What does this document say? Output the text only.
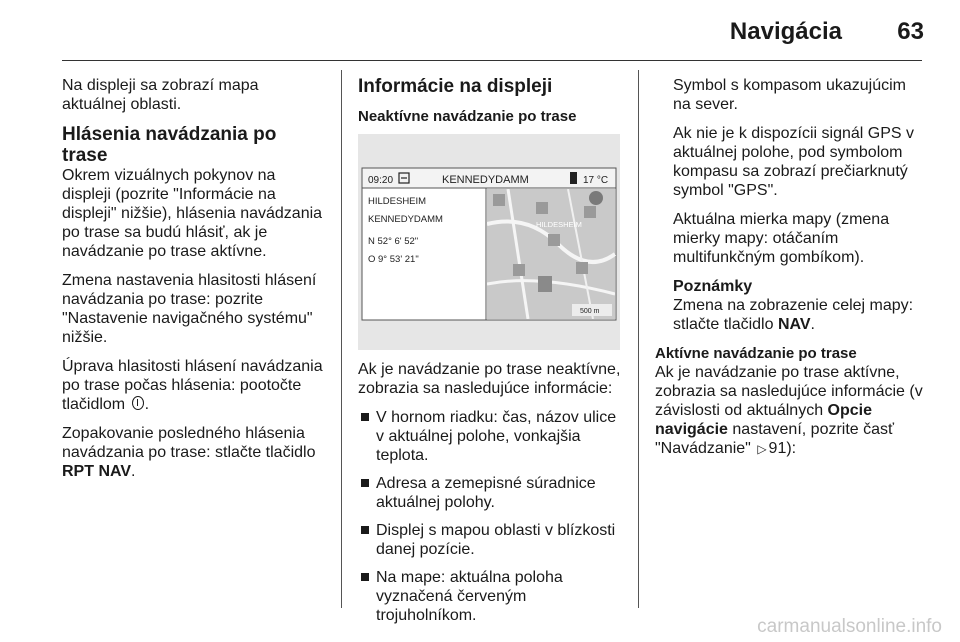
Navigácia 63

Na displeji sa zobrazí mapa aktuálnej oblasti.

Hlásenia navádzania po trase

Okrem vizuálnych pokynov na displeji (pozrite "Informácie na displeji" nižšie), hlásenia navádzania po trase sa budú hlásiť, ak je navádzanie po trase aktívne.

Zmena nastavenia hlasitosti hlásení navádzania po trase: pozrite "Nastavenie navigačného systému" nižšie.

Úprava hlasitosti hlásení navádzania po trase počas hlásenia: pootočte tlačidlom .

Zopakovanie posledného hlásenia navádzania po trase: stlačte tlačidlo RPT NAV.

Informácie na displeji
Neaktívne navádzanie po trase
09:20	KENNEDYDAMM	17 °C
HILDESHEIM
KENNEDYDAMM
N 52° 6' 52"
O 9° 53' 21"
HILDESHEIM
500 m

Ak je navádzanie po trase neaktívne, zobrazia sa nasledujúce informácie:

V hornom riadku: čas, názov ulice v aktuálnej polohe, vonkajšia teplota.
Adresa a zemepisné súradnice aktuálnej polohy.
Displej s mapou oblasti v blízkosti danej pozície.
Na mape: aktuálna poloha vyznačená červeným trojuholníkom.

Symbol s kompasom ukazujúcim na sever.

Ak nie je k dispozícii signál GPS v aktuálnej polohe, pod symbolom kompasu sa zobrazí prečiarknutý symbol "GPS".

Aktuálna mierka mapy (zmena mierky mapy: otáčaním multifunkčným gombíkom).

Poznámky
Zmena na zobrazenie celej mapy: stlačte tlačidlo NAV.
Aktívne navádzanie po trase

Ak je navádzanie po trase aktívne, zobrazia sa nasledujúce informácie (v závislosti od aktuálnych Opcie navigácie nastavení, pozrite časť "Navádzanie" ▷ 91):

carmanualsonline.info
